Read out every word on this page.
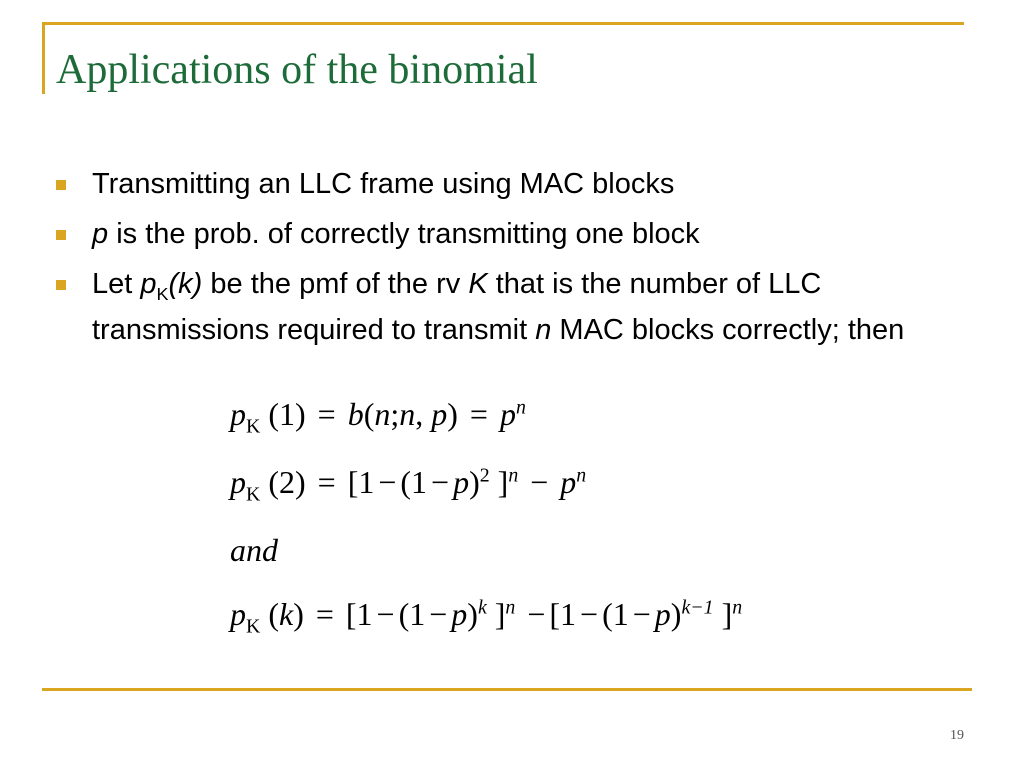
Applications of the binomial
Transmitting an LLC frame using MAC blocks
p is the prob. of correctly transmitting one block
Let $p_K(k)$ be the pmf of the rv K that is the number of LLC transmissions required to transmit n MAC blocks correctly; then
$p_K$ (1) = b(n;n, $p) = p^n$
$p_K$ $(2) = [1 - (1 - p)^2$ ]$^n - p^n$
and
$p_K$ $(k) = [1 - (1 - p)^k$ ]$^n - [1 - (1 - p)^{k-1}$ ]$^n$
19
